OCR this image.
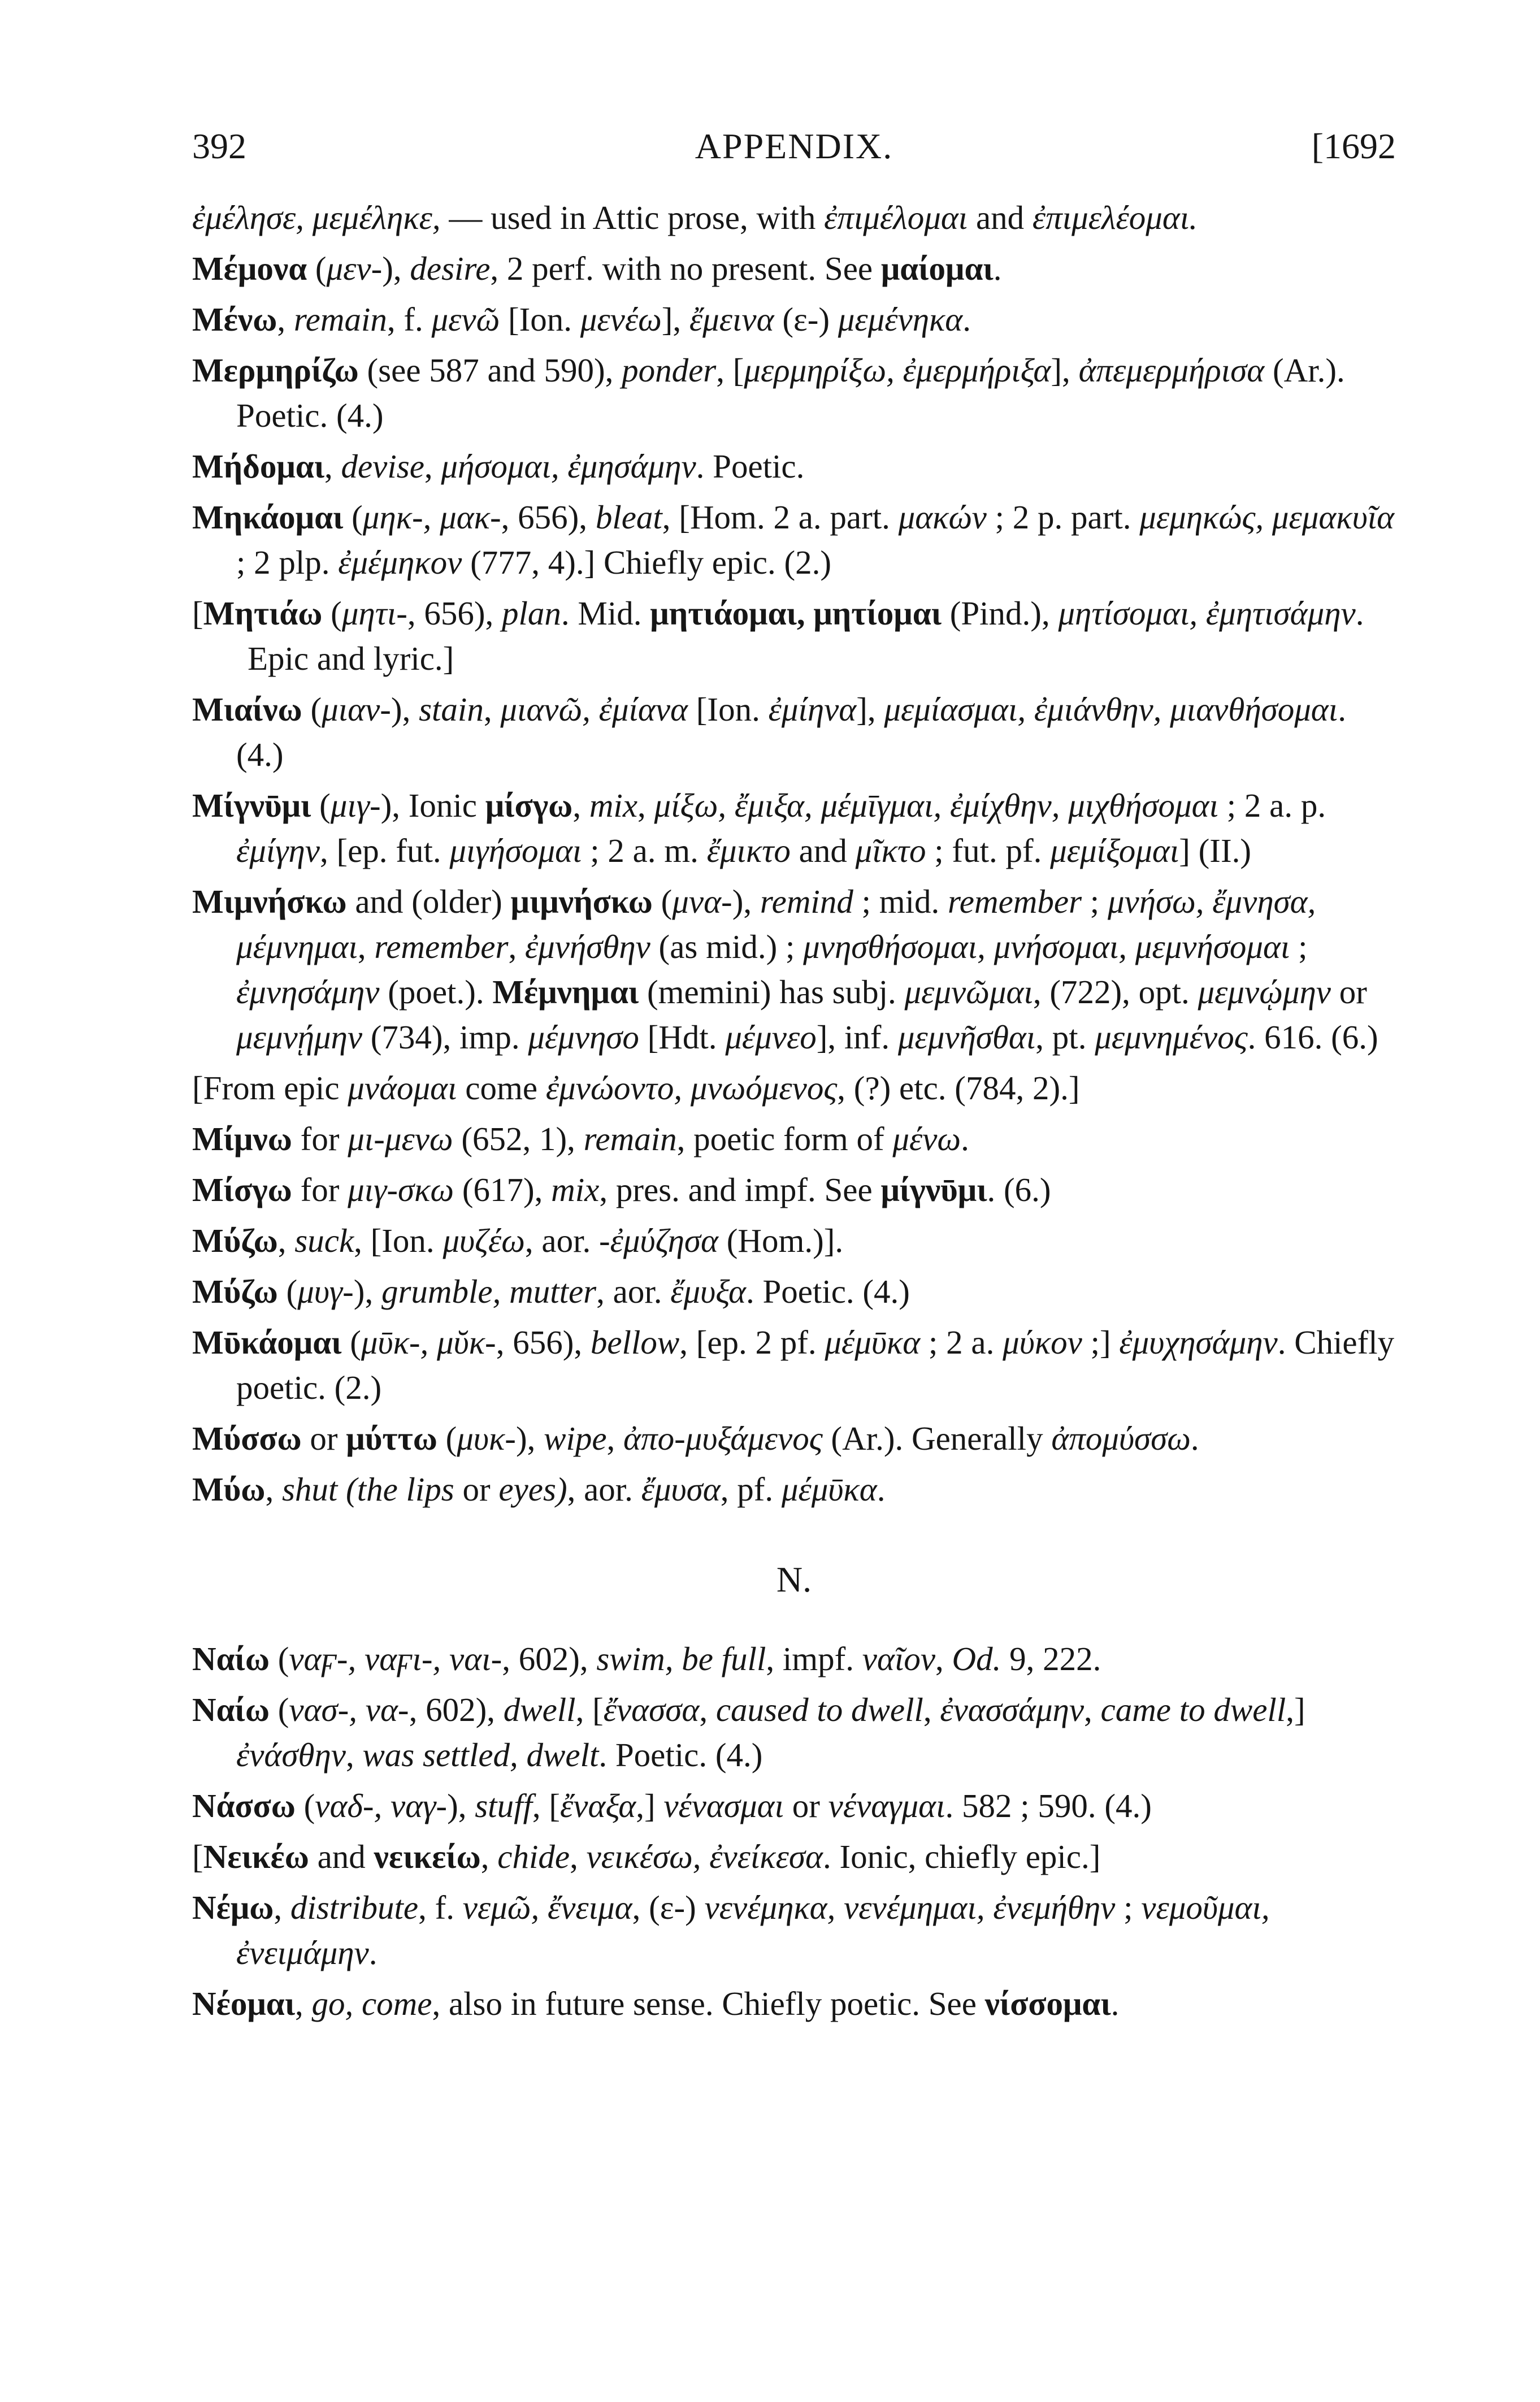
392	APPENDIX.	[1692

ἐμέλησε, μεμέληκε, — used in Attic prose, with ἐπιμέλομαι and ἐπιμελέομαι.

Μέμονα (μεν-), desire, 2 perf. with no present. See μαίομαι.

Μένω, remain, f. μενῶ [Ion. μενέω], ἔμεινα (ε-) μεμένηκα.

Μερμηρίζω (see 587 and 590), ponder, [μερμηρίξω, ἐμερμήριξα], ἀπεμερμήρισα (Ar.). Poetic. (4.)

Μήδομαι, devise, μήσομαι, ἐμησάμην. Poetic.

Μηκάομαι (μηκ-, μακ-, 656), bleat, [Hom. 2 a. part. μακών ; 2 p. part. μεμηκώς, μεμακυῖα ; 2 plp. ἐμέμηκον (777, 4).] Chiefly epic. (2.)

[Μητιάω (μητι-, 656), plan. Mid. μητιάομαι, μητίομαι (Pind.), μητίσομαι, ἐμητισάμην. Epic and lyric.]

Μιαίνω (μιαν-), stain, μιανῶ, ἐμίανα [Ion. ἐμίηνα], μεμίασμαι, ἐμιάνθην, μιανθήσομαι. (4.)

Μίγνῡμι (μιγ-), Ionic μίσγω, mix, μίξω, ἔμιξα, μέμῑγμαι, ἐμίχθην, μιχθήσομαι ; 2 a. p. ἐμίγην, [ep. fut. μιγήσομαι ; 2 a. m. ἔμικτο and μῖκτο ; fut. pf. μεμίξομαι] (II.)

Μιμνήσκω and (older) μιμνήσκω (μνα-), remind ; mid. remember ; μνήσω, ἔμνησα, μέμνημαι, remember, ἐμνήσθην (as mid.) ; μνησθήσομαι, μνήσομαι, μεμνήσομαι ; ἐμνησάμην (poet.). Μέμνημαι (memini) has subj. μεμνῶμαι, (722), opt. μεμνῴμην or μεμνῄμην (734), imp. μέμνησο [Hdt. μέμνεο], inf. μεμνῆσθαι, pt. μεμνημένος. 616. (6.)

[From epic μνάομαι come ἐμνώοντο, μνωόμενος, (?) etc. (784, 2).]

Μίμνω for μι-μενω (652, 1), remain, poetic form of μένω.

Μίσγω for μιγ-σκω (617), mix, pres. and impf. See μίγνῡμι. (6.)

Μύζω, suck, [Ion. μυζέω, aor. -ἐμύζησα (Hom.)].

Μύζω (μυγ-), grumble, mutter, aor. ἔμυξα. Poetic. (4.)

Μῡκάομαι (μῡκ-, μῠκ-, 656), bellow, [ep. 2 pf. μέμῡκα ; 2 a. μύκον ;] ἐμυχησάμην. Chiefly poetic. (2.)

Μύσσω or μύττω (μυκ-), wipe, ἀπο-μυξάμενος (Ar.). Generally ἀπομύσσω.

Μύω, shut (the lips or eyes), aor. ἔμυσα, pf. μέμῡκα.

N.

Ναίω (ναϝ-, ναϝι-, ναι-, 602), swim, be full, impf. ναῖον, Od. 9, 222.

Ναίω (νασ-, να-, 602), dwell, [ἔνασσα, caused to dwell, ἐνασσάμην, came to dwell,] ἐνάσθην, was settled, dwelt. Poetic. (4.)

Νάσσω (ναδ-, ναγ-), stuff, [ἔναξα,] νένασμαι or νέναγμαι. 582 ; 590. (4.)

[Νεικέω and νεικείω, chide, νεικέσω, ἐνείκεσα. Ionic, chiefly epic.]

Νέμω, distribute, f. νεμῶ, ἔνειμα, (ε-) νενέμηκα, νενέμημαι, ἐνεμήθην ; νεμοῦμαι, ἐνειμάμην.

Νέομαι, go, come, also in future sense. Chiefly poetic. See νίσσομαι.
